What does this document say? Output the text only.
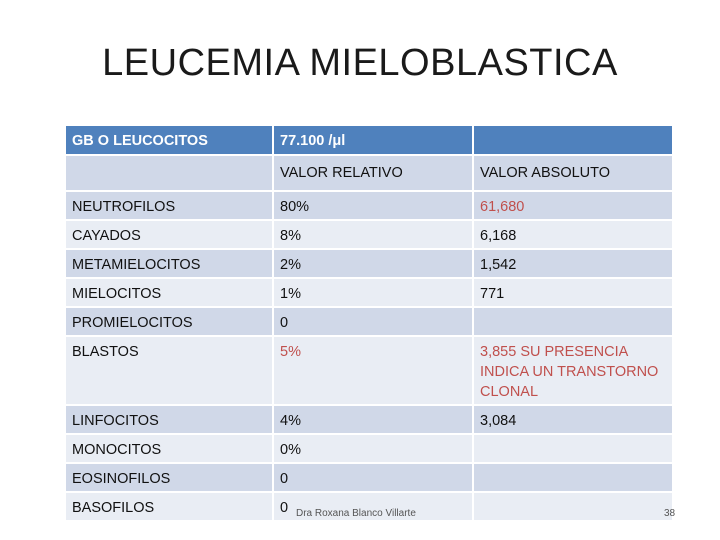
LEUCEMIA MIELOBLASTICA
GB O LEUCOCITOS	77.100 /μl	
	VALOR RELATIVO	VALOR ABSOLUTO
NEUTROFILOS	80%	61,680
CAYADOS	8%	6,168
METAMIELOCITOS	2%	1,542
MIELOCITOS	1%	771
PROMIELOCITOS	0	
BLASTOS	5%	3,855 SU PRESENCIA INDICA UN TRANSTORNO CLONAL
LINFOCITOS	4%	3,084
MONOCITOS	0%	
EOSINOFILOS	0	
BASOFILOS	0	Dra Roxana Blanco Villarte	38
